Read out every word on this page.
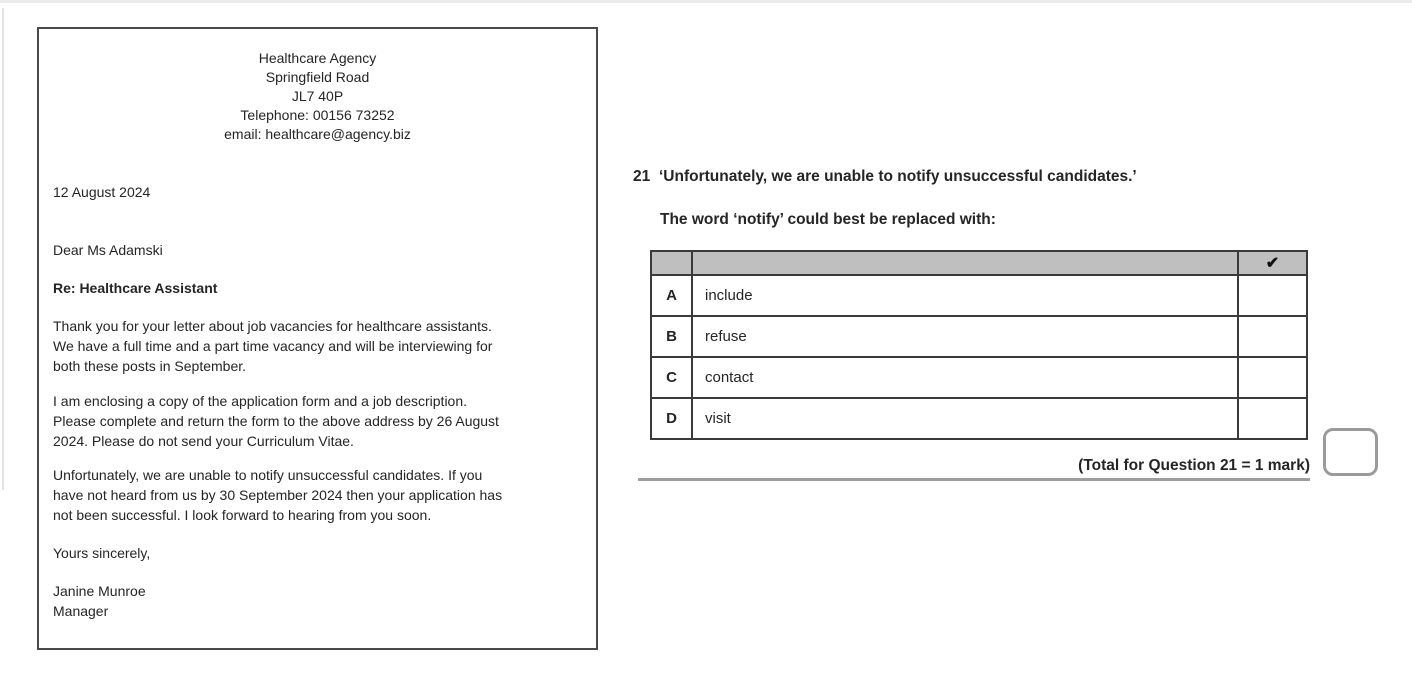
Healthcare Agency
Springfield Road
JL7 40P
Telephone: 00156 73252
email: healthcare@agency.biz
12 August 2024
Dear Ms Adamski
Re: Healthcare Assistant
Thank you for your letter about job vacancies for healthcare assistants.
We have a full time and a part time vacancy and will be interviewing for
both these posts in September.
I am enclosing a copy of the application form and a job description.
Please complete and return the form to the above address by 26 August
2024. Please do not send your Curriculum Vitae.
Unfortunately, we are unable to notify unsuccessful candidates. If you
have not heard from us by 30 September 2024 then your application has
not been successful. I look forward to hearing from you soon.
Yours sincerely,
Janine Munroe
Manager
21 ‘Unfortunately, we are unable to notify unsuccessful candidates.’
The word ‘notify’ could best be replaced with:
		✔
A	include	
B	refuse	
C	contact	
D	visit	
(Total for Question 21 = 1 mark)
